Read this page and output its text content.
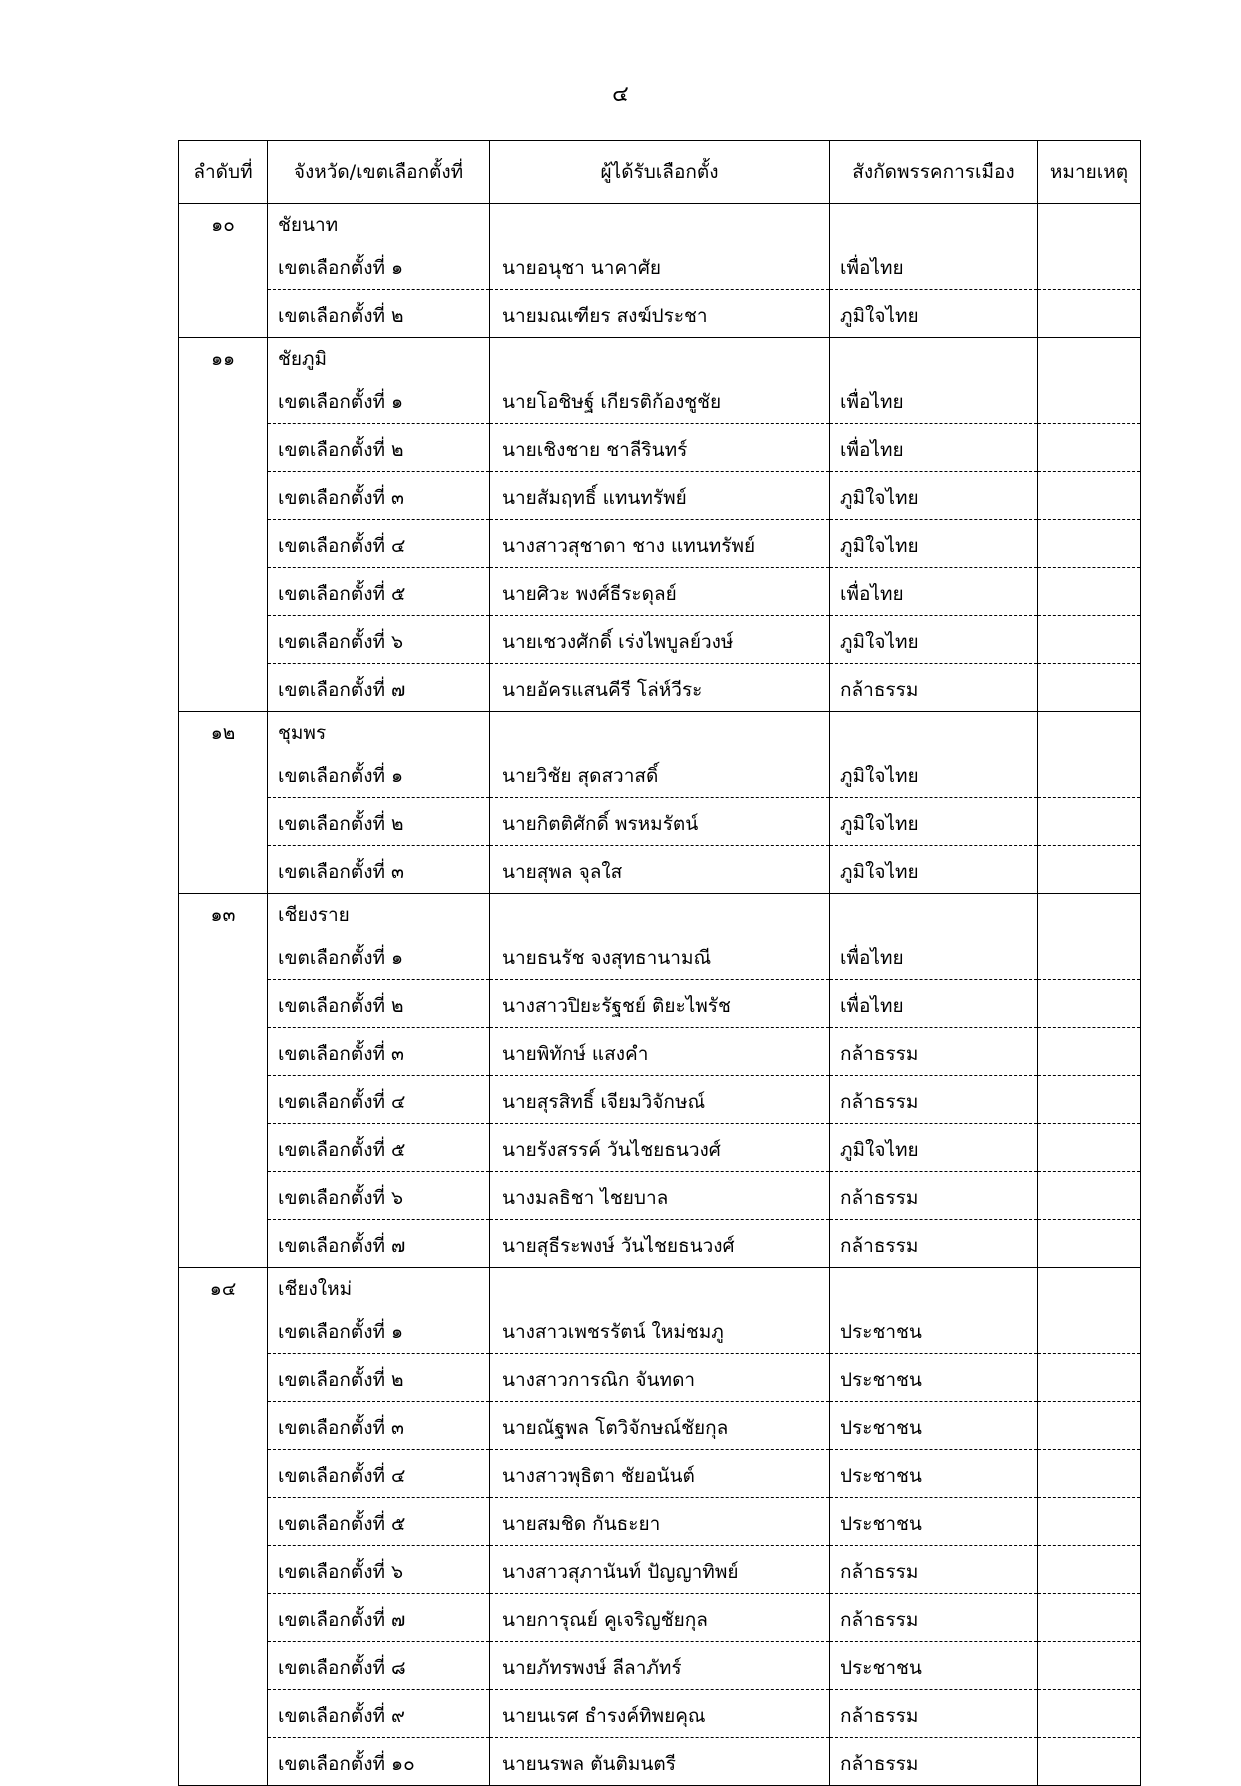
๔
ลำดับที่	จังหวัด/เขตเลือกตั้งที่	ผู้ได้รับเลือกตั้ง	สังกัดพรรคการเมือง	หมายเหตุ
๑๐	ชัยนาท			
	เขตเลือกตั้งที่ ๑	นายอนุชา นาคาศัย	เพื่อไทย	
	เขตเลือกตั้งที่ ๒	นายมณเฑียร สงฆ์ประชา	ภูมิใจไทย	
๑๑	ชัยภูมิ			
	เขตเลือกตั้งที่ ๑	นายโอชิษฐ์ เกียรติก้องชูชัย	เพื่อไทย	
	เขตเลือกตั้งที่ ๒	นายเชิงชาย ชาลีรินทร์	เพื่อไทย	
	เขตเลือกตั้งที่ ๓	นายสัมฤทธิ์ แทนทรัพย์	ภูมิใจไทย	
	เขตเลือกตั้งที่ ๔	นางสาวสุชาดา ชาง แทนทรัพย์	ภูมิใจไทย	
	เขตเลือกตั้งที่ ๕	นายศิวะ พงศ์ธีระดุลย์	เพื่อไทย	
	เขตเลือกตั้งที่ ๖	นายเชวงศักดิ์ เร่งไพบูลย์วงษ์	ภูมิใจไทย	
	เขตเลือกตั้งที่ ๗	นายอัครแสนคีรี โล่ห์วีระ	กล้าธรรม	
๑๒	ชุมพร			
	เขตเลือกตั้งที่ ๑	นายวิชัย สุดสวาสดิ์	ภูมิใจไทย	
	เขตเลือกตั้งที่ ๒	นายกิตติศักดิ์ พรหมรัตน์	ภูมิใจไทย	
	เขตเลือกตั้งที่ ๓	นายสุพล จุลใส	ภูมิใจไทย	
๑๓	เชียงราย			
	เขตเลือกตั้งที่ ๑	นายธนรัช จงสุทธานามณี	เพื่อไทย	
	เขตเลือกตั้งที่ ๒	นางสาวปิยะรัฐชย์ ติยะไพรัช	เพื่อไทย	
	เขตเลือกตั้งที่ ๓	นายพิทักษ์ แสงคำ	กล้าธรรม	
	เขตเลือกตั้งที่ ๔	นายสุรสิทธิ์ เจียมวิจักษณ์	กล้าธรรม	
	เขตเลือกตั้งที่ ๕	นายรังสรรค์ วันไชยธนวงศ์	ภูมิใจไทย	
	เขตเลือกตั้งที่ ๖	นางมลธิชา ไชยบาล	กล้าธรรม	
	เขตเลือกตั้งที่ ๗	นายสุธีระพงษ์ วันไชยธนวงศ์	กล้าธรรม	
๑๔	เชียงใหม่			
	เขตเลือกตั้งที่ ๑	นางสาวเพชรรัตน์ ใหม่ชมภู	ประชาชน	
	เขตเลือกตั้งที่ ๒	นางสาวการณิก จันทดา	ประชาชน	
	เขตเลือกตั้งที่ ๓	นายณัฐพล โตวิจักษณ์ชัยกุล	ประชาชน	
	เขตเลือกตั้งที่ ๔	นางสาวพุธิตา ชัยอนันต์	ประชาชน	
	เขตเลือกตั้งที่ ๕	นายสมชิด กันธะยา	ประชาชน	
	เขตเลือกตั้งที่ ๖	นางสาวสุภานันท์ ปัญญาทิพย์	กล้าธรรม	
	เขตเลือกตั้งที่ ๗	นายการุณย์ คูเจริญชัยกุล	กล้าธรรม	
	เขตเลือกตั้งที่ ๘	นายภัทรพงษ์ ลีลาภัทร์	ประชาชน	
	เขตเลือกตั้งที่ ๙	นายนเรศ ธำรงค์ทิพยคุณ	กล้าธรรม	
	เขตเลือกตั้งที่ ๑๐	นายนรพล ตันติมนตรี	กล้าธรรม	
